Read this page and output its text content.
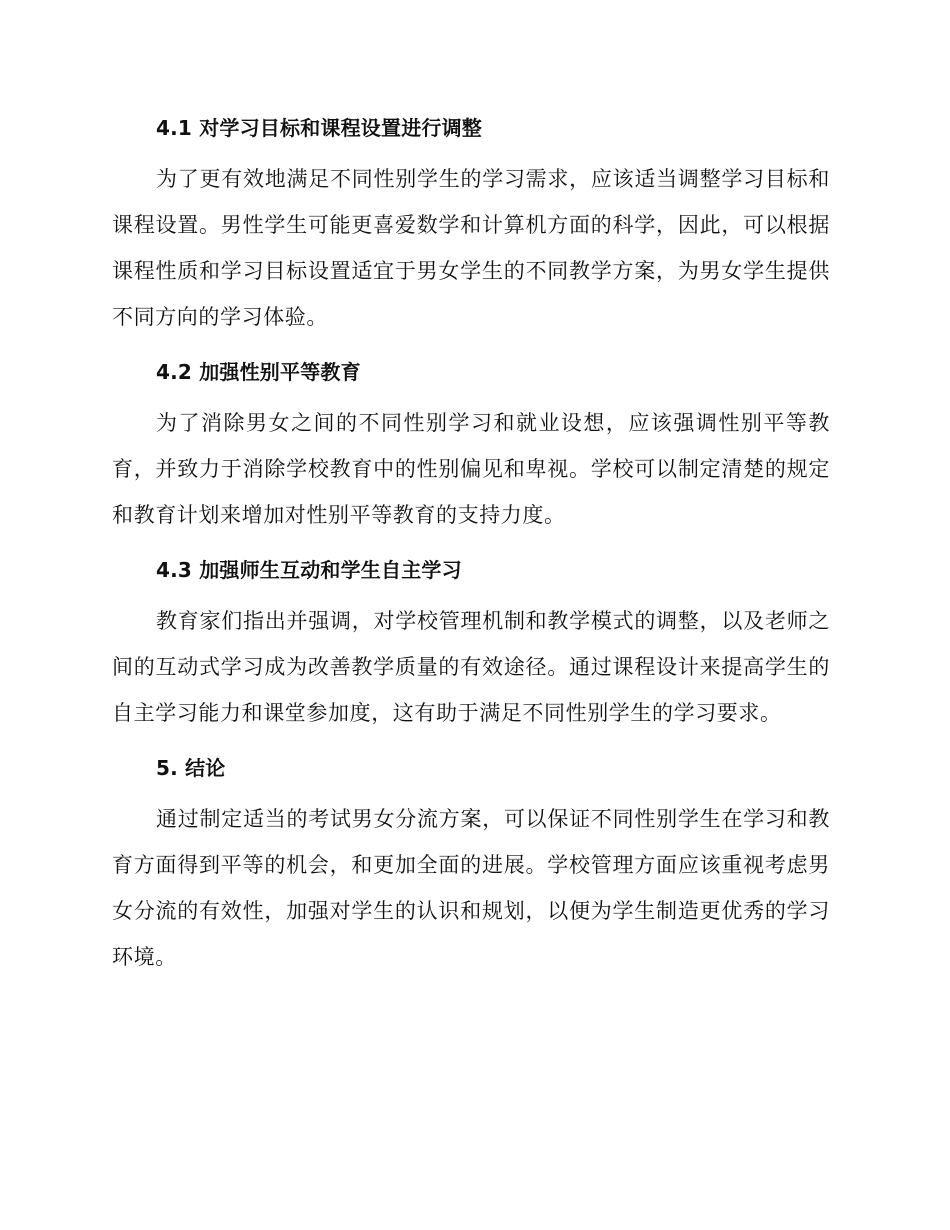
4.1 对学习目标和课程设置进行调整

为了更有效地满足不同性别学生的学习需求，应该适当调整学习目标和课程设置。男性学生可能更喜爱数学和计算机方面的科学，因此，可以根据课程性质和学习目标设置适宜于男女学生的不同教学方案，为男女学生提供不同方向的学习体验。

4.2 加强性别平等教育

为了消除男女之间的不同性别学习和就业设想，应该强调性别平等教育，并致力于消除学校教育中的性别偏见和卑视。学校可以制定清楚的规定和教育计划来增加对性别平等教育的支持力度。

4.3 加强师生互动和学生自主学习

教育家们指出并强调，对学校管理机制和教学模式的调整，以及老师之间的互动式学习成为改善教学质量的有效途径。通过课程设计来提高学生的自主学习能力和课堂参加度，这有助于满足不同性别学生的学习要求。

5. 结论

通过制定适当的考试男女分流方案，可以保证不同性别学生在学习和教育方面得到平等的机会，和更加全面的进展。学校管理方面应该重视考虑男女分流的有效性，加强对学生的认识和规划，以便为学生制造更优秀的学习环境。
